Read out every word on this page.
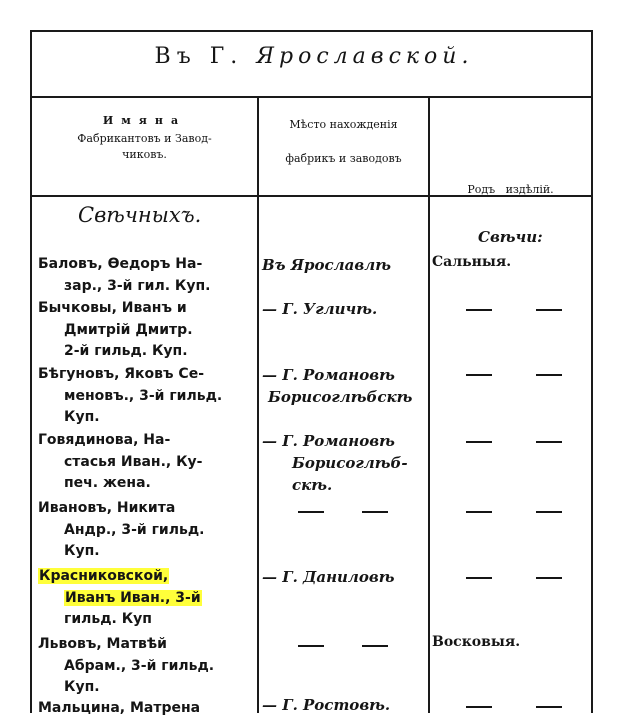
Въ Г. Ярославской.
Имяна
Фабрикантовъ и Завод-
чиковъ.
Мѣсто нахожденія
фабрикъ и заводовъ

Родъ   издѣлій.

Свѣчныхъ.
Свѣчи:
Баловъ, Ѳедоръ На-
зар., 3-й гил. Куп.
Въ Ярославлѣ	Сальныя.
Бычковы, Иванъ и
Дмитрій Дмитр.
2-й гильд. Куп.
— Г. Угличѣ.
Бѣгуновъ, Яковъ Се-
меновъ., 3-й гильд.
Куп.
— Г. Романовѣ
Борисоглѣбскѣ
Говядинова, На-
стасья Иван., Ку-
печ. жена.
— Г. Романовѣ
Борисоглѣб-
скѣ.
Ивановъ, Никита
Андр., 3-й гильд.
Куп.
Красниковской,
Иванъ Иван., 3-й
гильд. Куп
— Г. Даниловѣ
Львовъ, Матвѣй
Абрам., 3-й гильд.
Куп.
Восковыя.
Мальцина, Матрена	— Г. Ростовѣ.
